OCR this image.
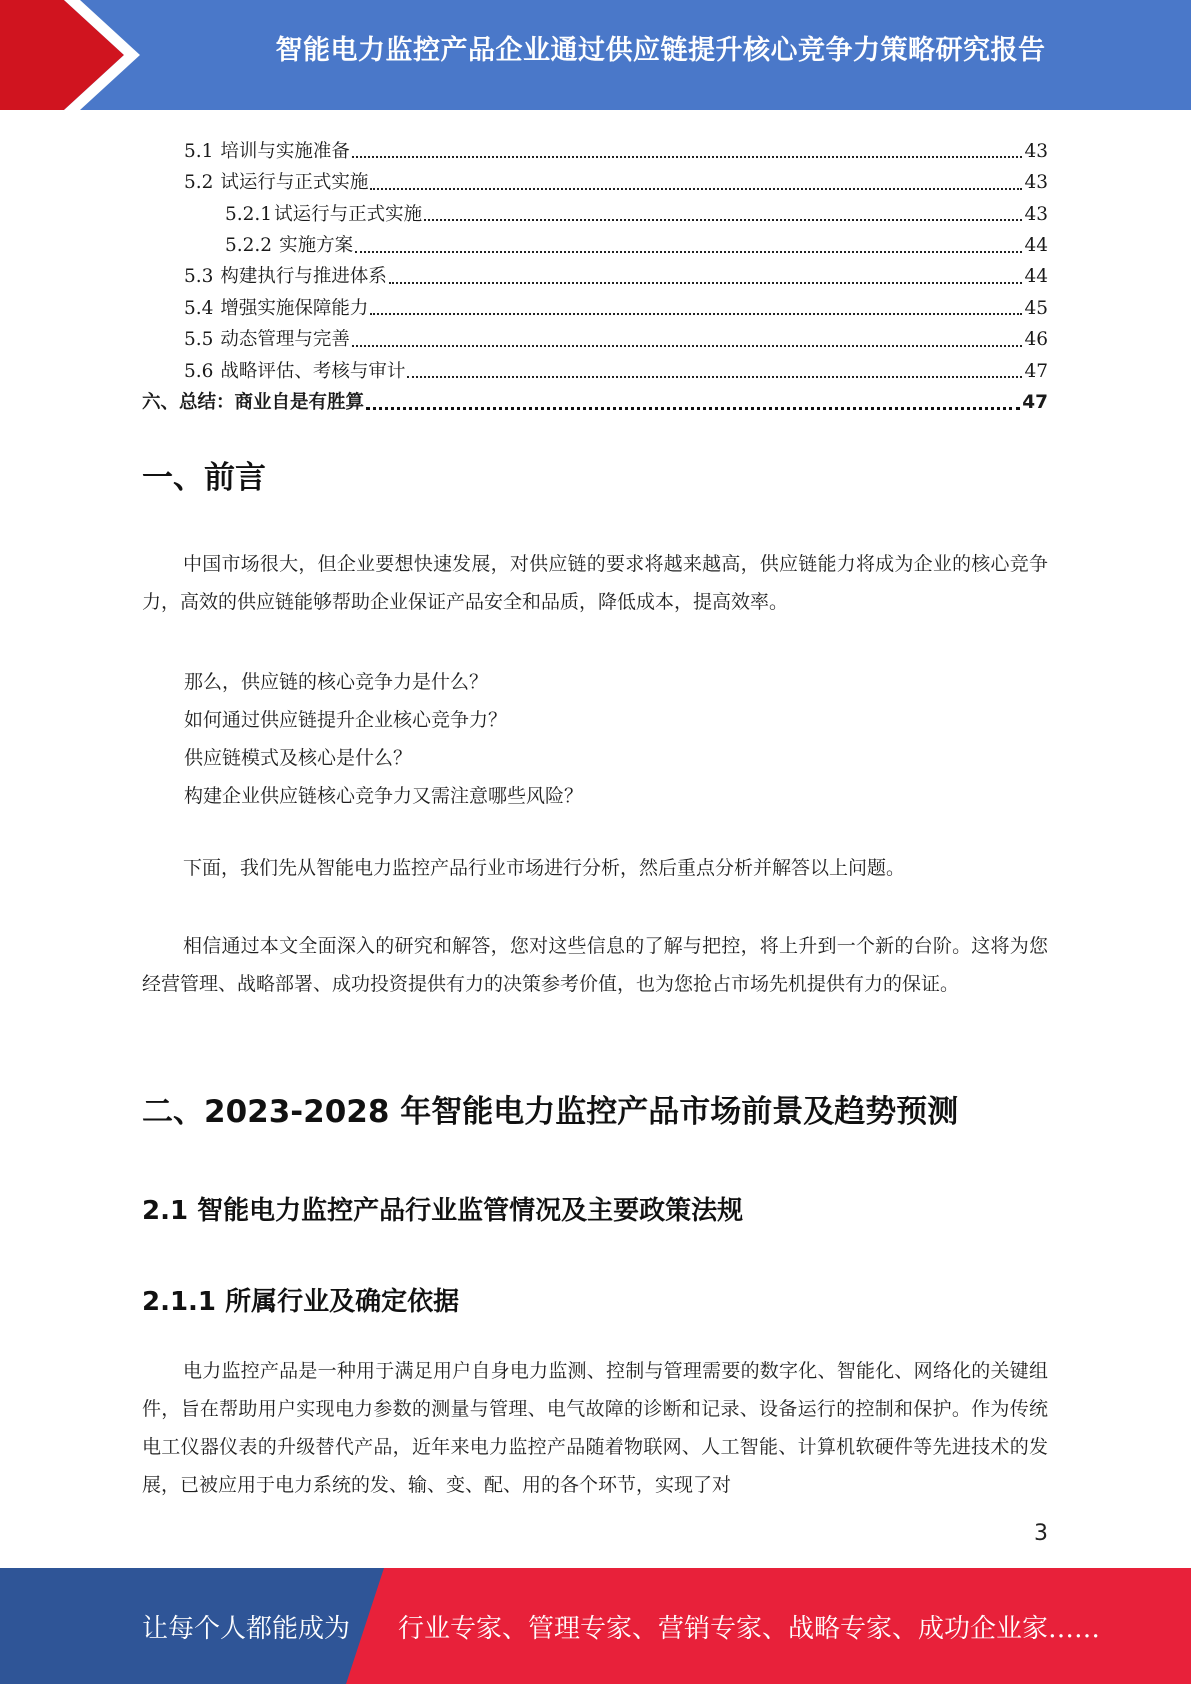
智能电力监控产品企业通过供应链提升核心竞争力策略研究报告
5.1 培训与实施准备	43
5.2 试运行与正式实施	43
5.2.1 试运行与正式实施	43
5.2.2 实施方案	44
5.3 构建执行与推进体系	44
5.4 增强实施保障能力	45
5.5 动态管理与完善	46
5.6 战略评估、考核与审计	47
六、 总结：商业自是有胜算	47
一、前言
中国市场很大，但企业要想快速发展，对供应链的要求将越来越高，供应链能力将成为企业的核心竞争力，高效的供应链能够帮助企业保证产品安全和品质，降低成本，提高效率。
那么，供应链的核心竞争力是什么？
如何通过供应链提升企业核心竞争力？
供应链模式及核心是什么？
构建企业供应链核心竞争力又需注意哪些风险？
下面，我们先从智能电力监控产品行业市场进行分析，然后重点分析并解答以上问题。
相信通过本文全面深入的研究和解答，您对这些信息的了解与把控，将上升到一个新的台阶。这将为您经营管理、战略部署、成功投资提供有力的决策参考价值，也为您抢占市场先机提供有力的保证。
二、2023-2028 年智能电力监控产品市场前景及趋势预测
2.1 智能电力监控产品行业监管情况及主要政策法规
2.1.1 所属行业及确定依据
电力监控产品是一种用于满足用户自身电力监测、控制与管理需要的数字化、智能化、网络化的关键组件，旨在帮助用户实现电力参数的测量与管理、电气故障的诊断和记录、设备运行的控制和保护。作为传统电工仪器仪表的升级替代产品，近年来电力监控产品随着物联网、人工智能、计算机软硬件等先进技术的发展，已被应用于电力系统的发、输、变、配、用的各个环节，实现了对
3
让每个人都能成为 行业专家、管理专家、营销专家、战略专家、成功企业家……
